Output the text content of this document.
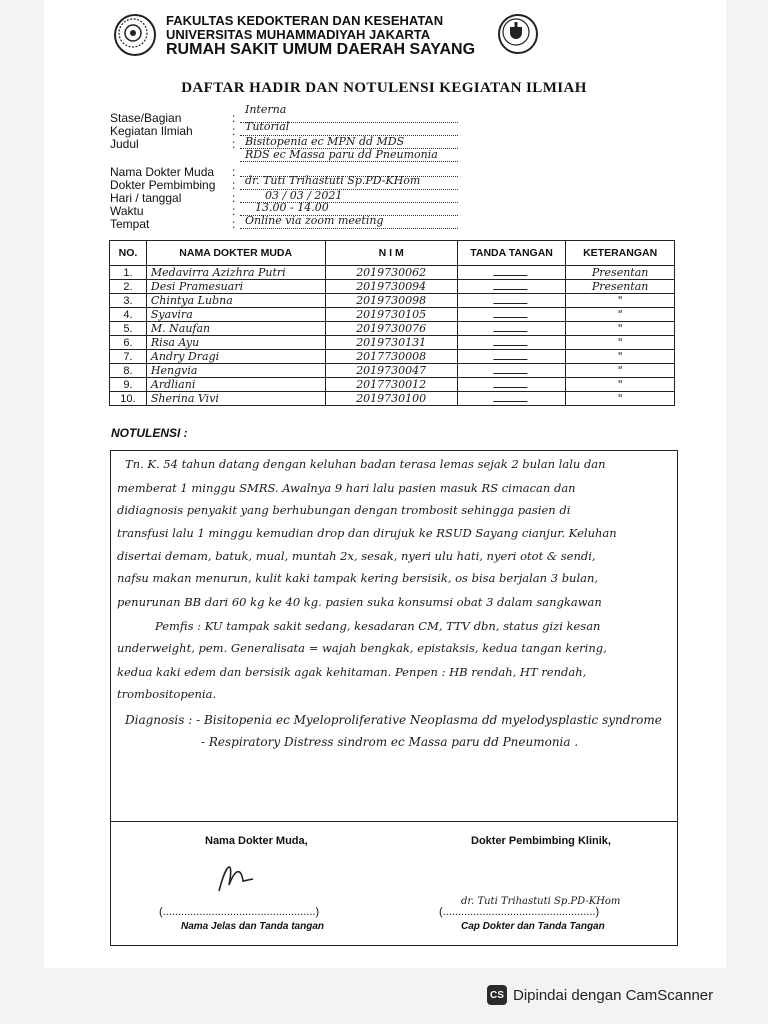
FAKULTAS KEDOKTERAN DAN KESEHATAN
UNIVERSITAS MUHAMMADIYAH JAKARTA
RUMAH SAKIT UMUM DAERAH SAYANG
DAFTAR HADIR DAN NOTULENSI KEGIATAN ILMIAH
Stase/Bagian	:
Interna
Kegiatan Ilmiah	: Tutorial
Judul	: Bisitopenia ec MPN dd MDS
RDS ec Massa paru dd Pneumonia
Nama Dokter Muda :
Dokter Pembimbing : dr. Tuti Trihastuti Sp.PD-KHom
Hari / tanggal	:	03 / 03 / 2021
Waktu	: 13.00 - 14.00
Tempat	: Online via zoom meeting
NO.	NAMA DOKTER MUDA	N I M	TANDA TANGAN	KETERANGAN
1.	Medavirra Azizhra Putri	2019730062		Presentan
2.	Desi Pramesuari	2019730094		Presentan
3.	Chintya Lubna	2019730098		"
4.	Syavira	2019730105		"
5.	M. Naufan	2019730076		"
6.	Risa Ayu	2019730131		"
7.	Andry Dragi	2017730008		"
8.	Hengvia	2019730047		"
9.	Ardliani	2017730012		"
10.	Sherina Vivi	2019730100		"
NOTULENSI :
Tn. K. 54 tahun datang dengan keluhan badan terasa lemas sejak 2 bulan lalu dan
memberat 1 minggu SMRS. Awalnya 9 hari lalu pasien masuk RS cimacan dan
didiagnosis penyakit yang berhubungan dengan trombosit sehingga pasien di
transfusi lalu 1 minggu kemudian drop dan dirujuk ke RSUD Sayang cianjur. Keluhan
disertai demam, batuk, mual, muntah 2x, sesak, nyeri ulu hati, nyeri otot & sendi,
nafsu makan menurun, kulit kaki tampak kering bersisik, os bisa berjalan 3 bulan,
penurunan BB dari 60 kg ke 40 kg. pasien suka konsumsi obat 3 dalam sangkawan
Pemfis : KU tampak sakit sedang, kesadaran CM, TTV dbn, status gizi kesan
underweight, pem. Generalisata = wajah bengkak, epistaksis, kedua tangan kering,
kedua kaki edem dan bersisik agak kehitaman. Penpen : HB rendah, HT rendah,
trombositopenia.
Diagnosis : - Bisitopenia ec Myeloproliferative Neoplasma dd myelodysplastic syndrome
- Respiratory Distress sindrom ec Massa paru dd Pneumonia .
Nama Dokter Muda,
(..................................................)
Nama Jelas dan Tanda tangan
Dokter Pembimbing Klinik,
dr. Tuti Trihastuti Sp.PD-KHom
(..................................................)
Cap Dokter dan Tanda Tangan
CS Dipindai dengan CamScanner
